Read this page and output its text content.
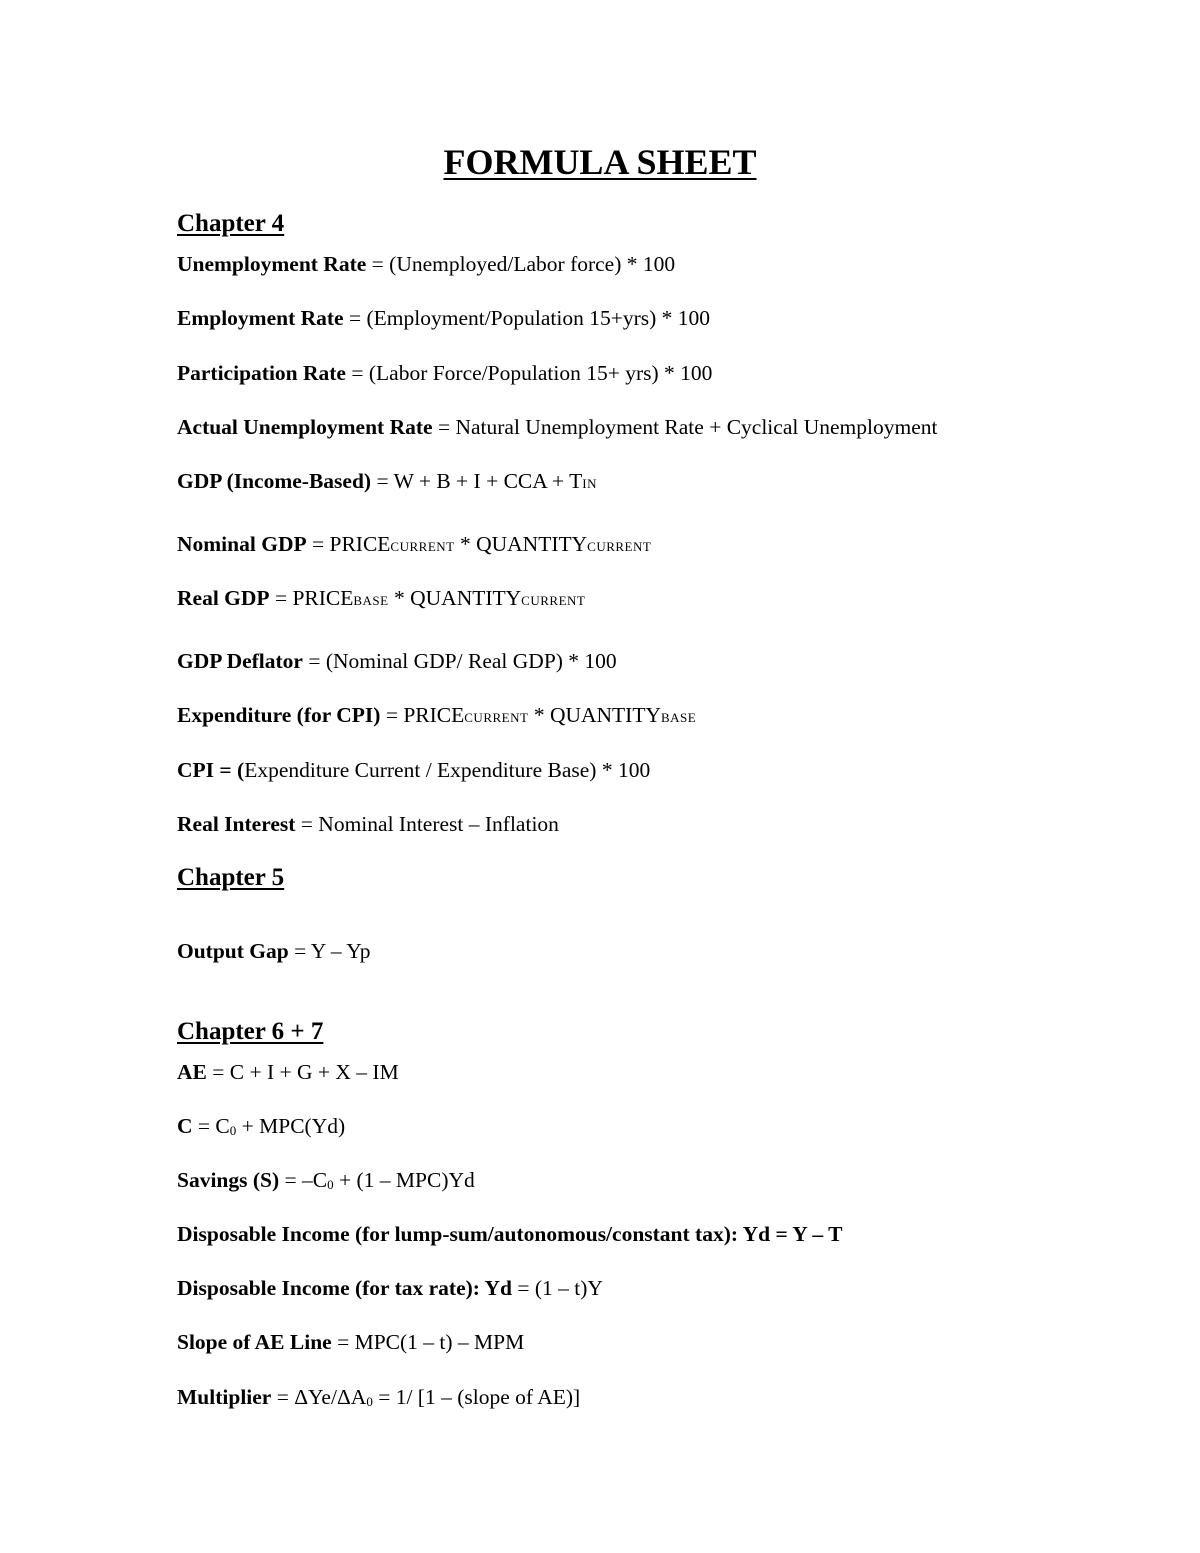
FORMULA SHEET
Chapter 4
Unemployment Rate = (Unemployed/Labor force) * 100
Employment Rate = (Employment/Population 15+yrs) * 100
Participation Rate = (Labor Force/Population 15+ yrs) * 100
Actual Unemployment Rate = Natural Unemployment Rate + Cyclical Unemployment
GDP (Income-Based) = W + B + I + CCA + TIN
Nominal GDP = PRICECURRENT * QUANTITYCURRENT
Real GDP = PRICEBASE * QUANTITYCURRENT
GDP Deflator = (Nominal GDP/ Real GDP) * 100
Expenditure (for CPI) = PRICECURRENT * QUANTITYBASE
CPI = (Expenditure Current / Expenditure Base) * 100
Real Interest = Nominal Interest – Inflation
Chapter 5
Output Gap = Y – Yp
Chapter 6 + 7
AE = C + I + G + X – IM
$C = C_0 + MPC(Yd)$
Savings $(S) = -C_0 + (1 - MPC)Yd$
Disposable Income (for lump-sum/autonomous/constant tax): Yd = Y – T
Disposable Income (for tax rate): Yd = (1 – t)Y
Slope of AE Line = MPC(1 – t) – MPM
Multiplier = ΔYe/$\Delta A_0 = 1/$ [1 – (slope of AE)]
